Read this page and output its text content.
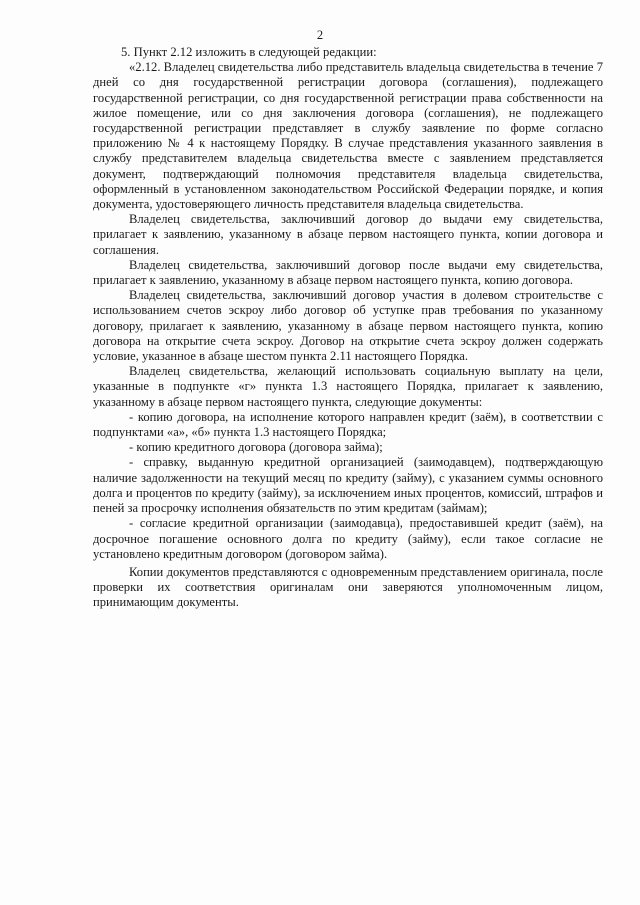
2

5. Пункт 2.12 изложить в следующей редакции:

«2.12. Владелец свидетельства либо представитель владельца свидетельства в течение 7 дней со дня государственной регистрации договора (соглашения), подлежащего государственной регистрации, со дня государственной регистрации права собственности на жилое помещение, или со дня заключения договора (соглашения), не подлежащего государственной регистрации представляет в службу заявление по форме согласно приложению № 4 к настоящему Порядку. В случае представления указанного заявления в службу представителем владельца свидетельства вместе с заявлением представляется документ, подтверждающий полномочия представителя владельца свидетельства, оформленный в установленном законодательством Российской Федерации порядке, и копия документа, удостоверяющего личность представителя владельца свидетельства.

Владелец свидетельства, заключивший договор до выдачи ему свидетельства, прилагает к заявлению, указанному в абзаце первом настоящего пункта, копии договора и соглашения.

Владелец свидетельства, заключивший договор после выдачи ему свидетельства, прилагает к заявлению, указанному в абзаце первом настоящего пункта, копию договора.

Владелец свидетельства, заключивший договор участия в долевом строительстве с использованием счетов эскроу либо договор об уступке прав требования по указанному договору, прилагает к заявлению, указанному в абзаце первом настоящего пункта, копию договора на открытие счета эскроу. Договор на открытие счета эскроу должен содержать условие, указанное в абзаце шестом пункта 2.11 настоящего Порядка.

Владелец свидетельства, желающий использовать социальную выплату на цели, указанные в подпункте «г» пункта 1.3 настоящего Порядка, прилагает к заявлению, указанному в абзаце первом настоящего пункта, следующие документы:

- копию договора, на исполнение которого направлен кредит (заём), в соответствии с подпунктами «а», «б» пункта 1.3 настоящего Порядка;

- копию кредитного договора (договора займа);

- справку, выданную кредитной организацией (заимодавцем), подтверждающую наличие задолженности на текущий месяц по кредиту (займу), с указанием суммы основного долга и процентов по кредиту (займу), за исключением иных процентов, комиссий, штрафов и пеней за просрочку исполнения обязательств по этим кредитам (займам);

- согласие кредитной организации (заимодавца), предоставившей кредит (заём), на досрочное погашение основного долга по кредиту (займу), если такое согласие не установлено кредитным договором (договором займа).

Копии документов представляются с одновременным представлением оригинала, после проверки их соответствия оригиналам они заверяются уполномоченным лицом, принимающим документы.
